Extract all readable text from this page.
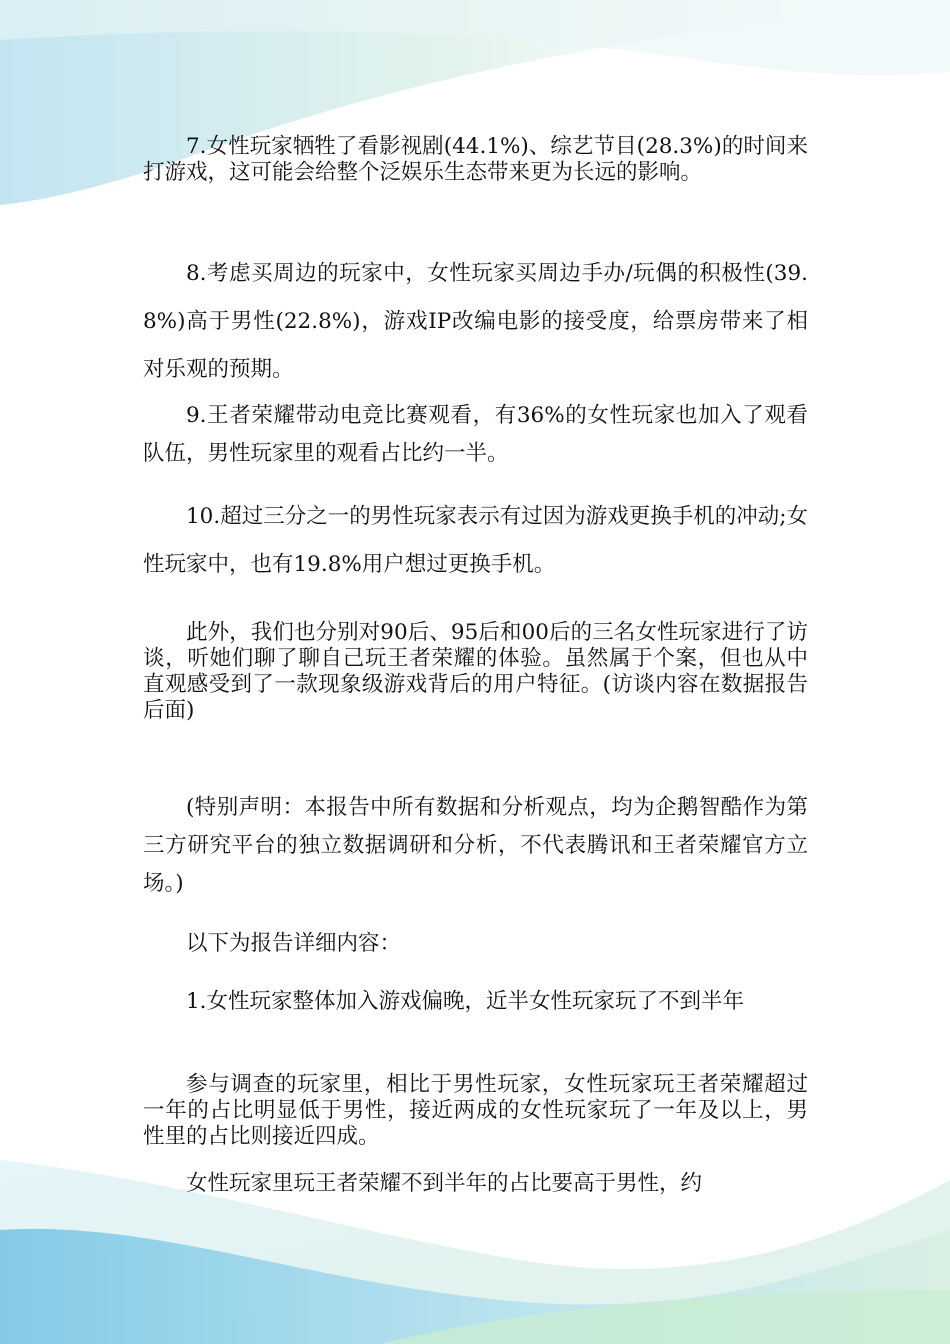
7.女性玩家牺牲了看影视剧(44.1%)、综艺节目(28.3%)的时间来打游戏，这可能会给整个泛娱乐生态带来更为长远的影响。

8.考虑买周边的玩家中，女性玩家买周边手办/玩偶的积极性(39.8%)高于男性(22.8%)，游戏IP改编电影的接受度，给票房带来了相对乐观的预期。

9.王者荣耀带动电竞比赛观看，有36%的女性玩家也加入了观看队伍，男性玩家里的观看占比约一半。

10.超过三分之一的男性玩家表示有过因为游戏更换手机的冲动;女性玩家中，也有19.8%用户想过更换手机。

此外，我们也分别对90后、95后和00后的三名女性玩家进行了访谈，听她们聊了聊自己玩王者荣耀的体验。虽然属于个案，但也从中直观感受到了一款现象级游戏背后的用户特征。(访谈内容在数据报告后面)

(特别声明：本报告中所有数据和分析观点，均为企鹅智酷作为第三方研究平台的独立数据调研和分析，不代表腾讯和王者荣耀官方立场。)

以下为报告详细内容：

1.女性玩家整体加入游戏偏晚，近半女性玩家玩了不到半年

参与调查的玩家里，相比于男性玩家，女性玩家玩王者荣耀超过一年的占比明显低于男性，接近两成的女性玩家玩了一年及以上，男性里的占比则接近四成。

女性玩家里玩王者荣耀不到半年的占比要高于男性，约
